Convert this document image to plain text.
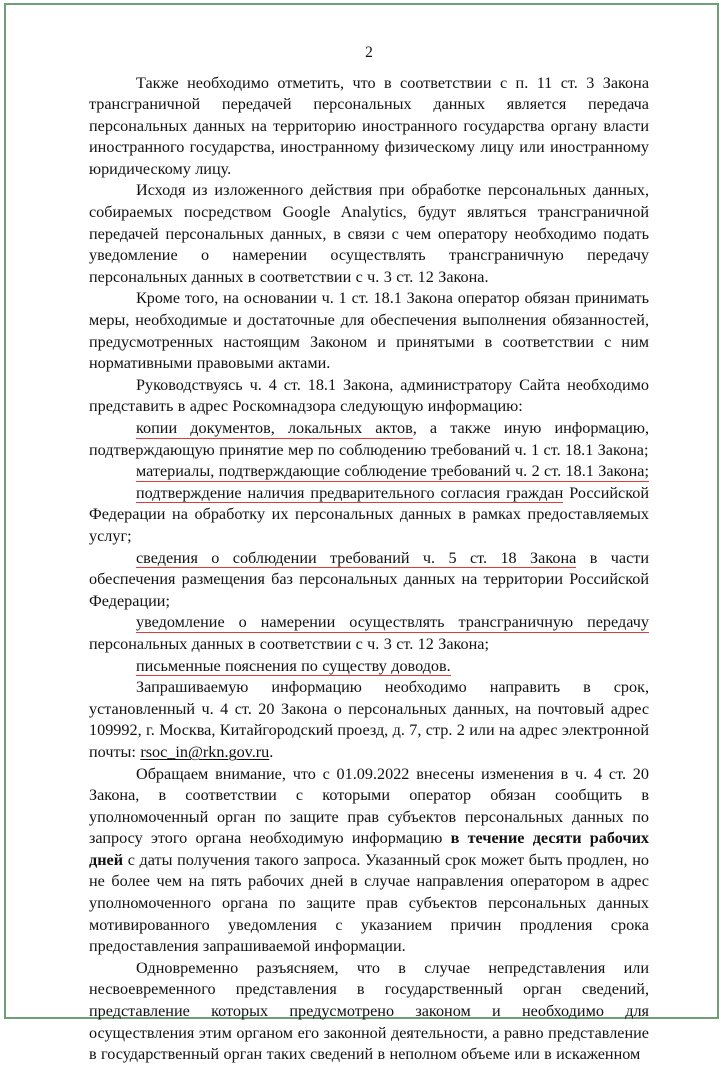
2

Также необходимо отметить, что в соответствии с п. 11 ст. 3 Закона трансграничной передачей персональных данных является передача персональных данных на территорию иностранного государства органу власти иностранного государства, иностранному физическому лицу или иностранному юридическому лицу.

Исходя из изложенного действия при обработке персональных данных, собираемых посредством Google Analytics, будут являться трансграничной передачей персональных данных, в связи с чем оператору необходимо подать уведомление о намерении осуществлять трансграничную передачу персональных данных в соответствии с ч. 3 ст. 12 Закона.

Кроме того, на основании ч. 1 ст. 18.1 Закона оператор обязан принимать меры, необходимые и достаточные для обеспечения выполнения обязанностей, предусмотренных настоящим Законом и принятыми в соответствии с ним нормативными правовыми актами.

Руководствуясь ч. 4 ст. 18.1 Закона, администратору Сайта необходимо представить в адрес Роскомнадзора следующую информацию:

копии документов, локальных актов, а также иную информацию, подтверждающую принятие мер по соблюдению требований ч. 1 ст. 18.1 Закона;

материалы, подтверждающие соблюдение требований ч. 2 ст. 18.1 Закона;

подтверждение наличия предварительного согласия граждан Российской Федерации на обработку их персональных данных в рамках предоставляемых услуг;

сведения о соблюдении требований ч. 5 ст. 18 Закона в части обеспечения размещения баз персональных данных на территории Российской Федерации;

уведомление о намерении осуществлять трансграничную передачу персональных данных в соответствии с ч. 3 ст. 12 Закона;

письменные пояснения по существу доводов.

Запрашиваемую информацию необходимо направить в срок, установленный ч. 4 ст. 20 Закона о персональных данных, на почтовый адрес 109992, г. Москва, Китайгородский проезд, д. 7, стр. 2 или на адрес электронной почты: rsoc_in@rkn.gov.ru.

Обращаем внимание, что с 01.09.2022 внесены изменения в ч. 4 ст. 20 Закона, в соответствии с которыми оператор обязан сообщить в уполномоченный орган по защите прав субъектов персональных данных по запросу этого органа необходимую информацию в течение десяти рабочих дней с даты получения такого запроса. Указанный срок может быть продлен, но не более чем на пять рабочих дней в случае направления оператором в адрес уполномоченного органа по защите прав субъектов персональных данных мотивированного уведомления с указанием причин продления срока предоставления запрашиваемой информации.

Одновременно разъясняем, что в случае непредставления или несвоевременного представления в государственный орган сведений, представление которых предусмотрено законом и необходимо для осуществления этим органом его законной деятельности, а равно представление в государственный орган таких сведений в неполном объеме или в искаженном
